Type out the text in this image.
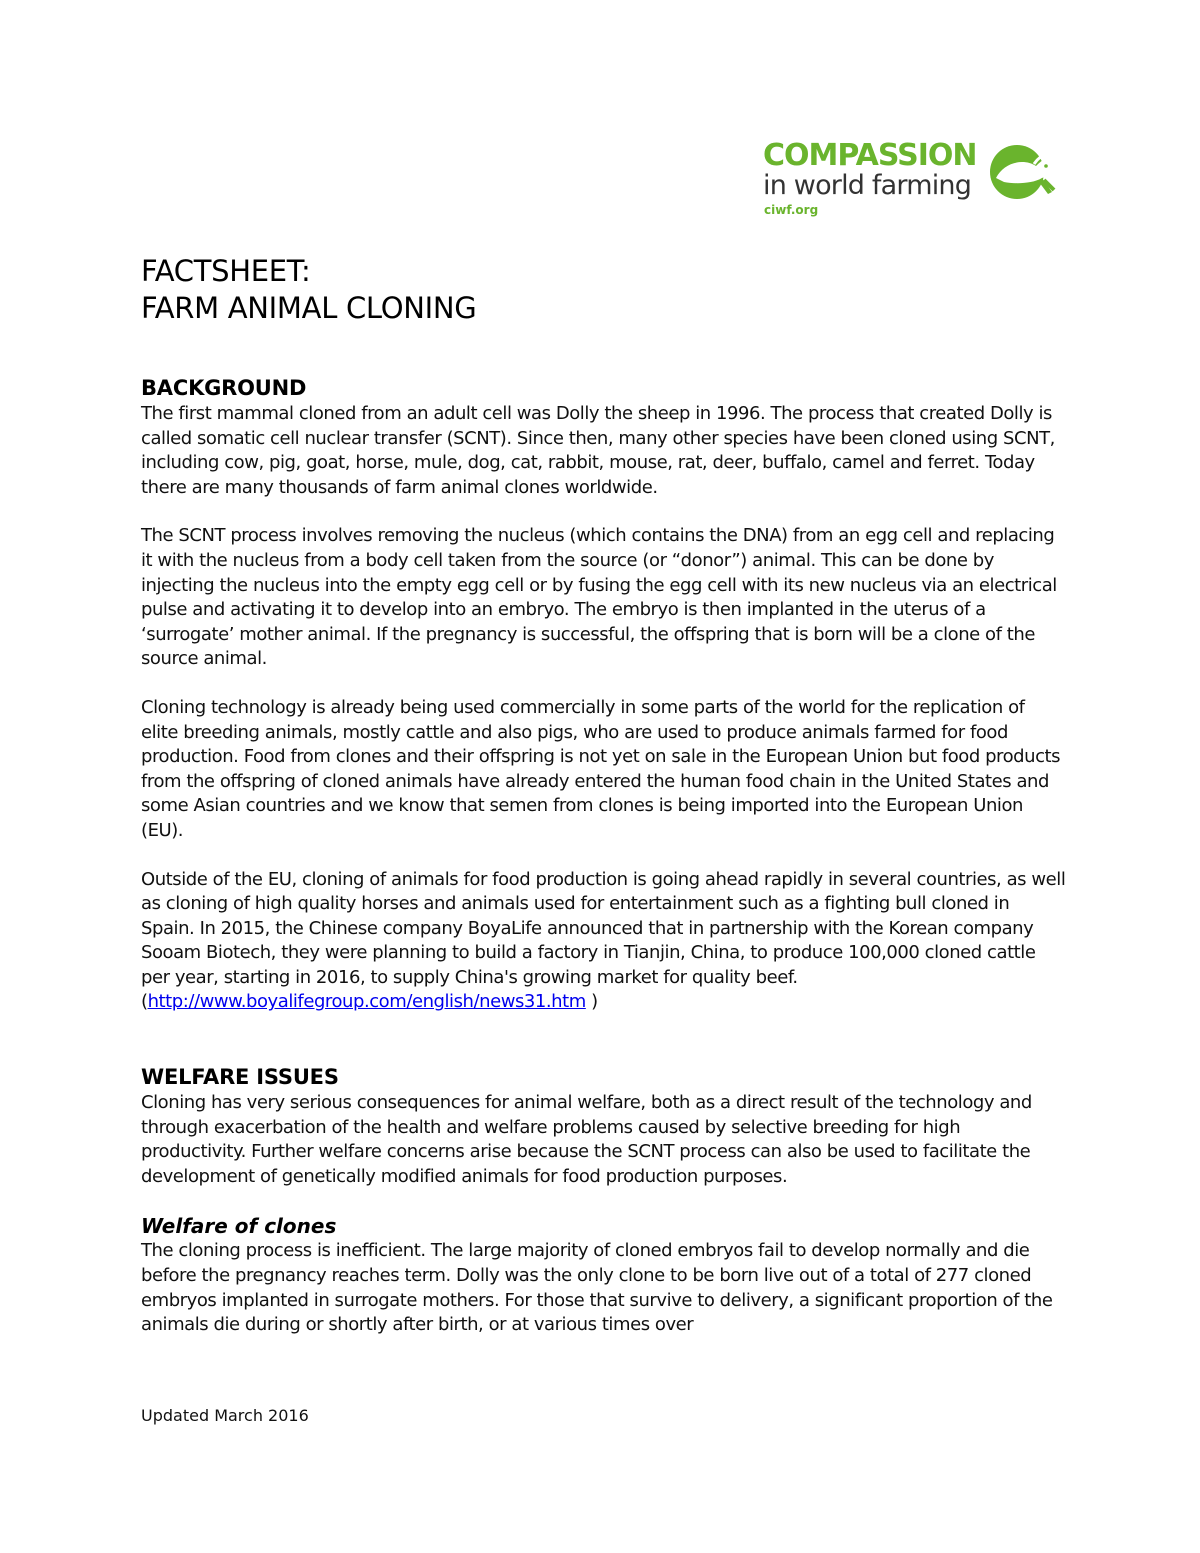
COMPASSION
in world farming
ciwf.org
FACTSHEET:
FARM ANIMAL CLONING
BACKGROUND

The first mammal cloned from an adult cell was Dolly the sheep in 1996. The process that created Dolly is called somatic cell nuclear transfer (SCNT). Since then, many other species have been cloned using SCNT, including cow, pig, goat, horse, mule, dog, cat, rabbit, mouse, rat, deer, buffalo, camel and ferret. Today there are many thousands of farm animal clones worldwide.

The SCNT process involves removing the nucleus (which contains the DNA) from an egg cell and replacing it with the nucleus from a body cell taken from the source (or “donor”) animal. This can be done by injecting the nucleus into the empty egg cell or by fusing the egg cell with its new nucleus via an electrical pulse and activating it to develop into an embryo. The embryo is then implanted in the uterus of a ‘surrogate’ mother animal. If the pregnancy is successful, the offspring that is born will be a clone of the source animal.

Cloning technology is already being used commercially in some parts of the world for the replication of elite breeding animals, mostly cattle and also pigs, who are used to produce animals farmed for food production. Food from clones and their offspring is not yet on sale in the European Union but food products from the offspring of cloned animals have already entered the human food chain in the United States and some Asian countries and we know that semen from clones is being imported into the European Union (EU).

Outside of the EU, cloning of animals for food production is going ahead rapidly in several countries, as well as cloning of high quality horses and animals used for entertainment such as a fighting bull cloned in Spain. In 2015, the Chinese company BoyaLife announced that in partnership with the Korean company Sooam Biotech, they were planning to build a factory in Tianjin, China, to produce 100,000 cloned cattle per year, starting in 2016, to supply China's growing market for quality beef. (http://www.boyalifegroup.com/english/news31.htm )

WELFARE ISSUES

Cloning has very serious consequences for animal welfare, both as a direct result of the technology and through exacerbation of the health and welfare problems caused by selective breeding for high productivity. Further welfare concerns arise because the SCNT process can also be used to facilitate the development of genetically modified animals for food production purposes.

Welfare of clones

The cloning process is inefficient. The large majority of cloned embryos fail to develop normally and die before the pregnancy reaches term. Dolly was the only clone to be born live out of a total of 277 cloned embryos implanted in surrogate mothers. For those that survive to delivery, a significant proportion of the animals die during or shortly after birth, or at various times over

Updated March 2016
